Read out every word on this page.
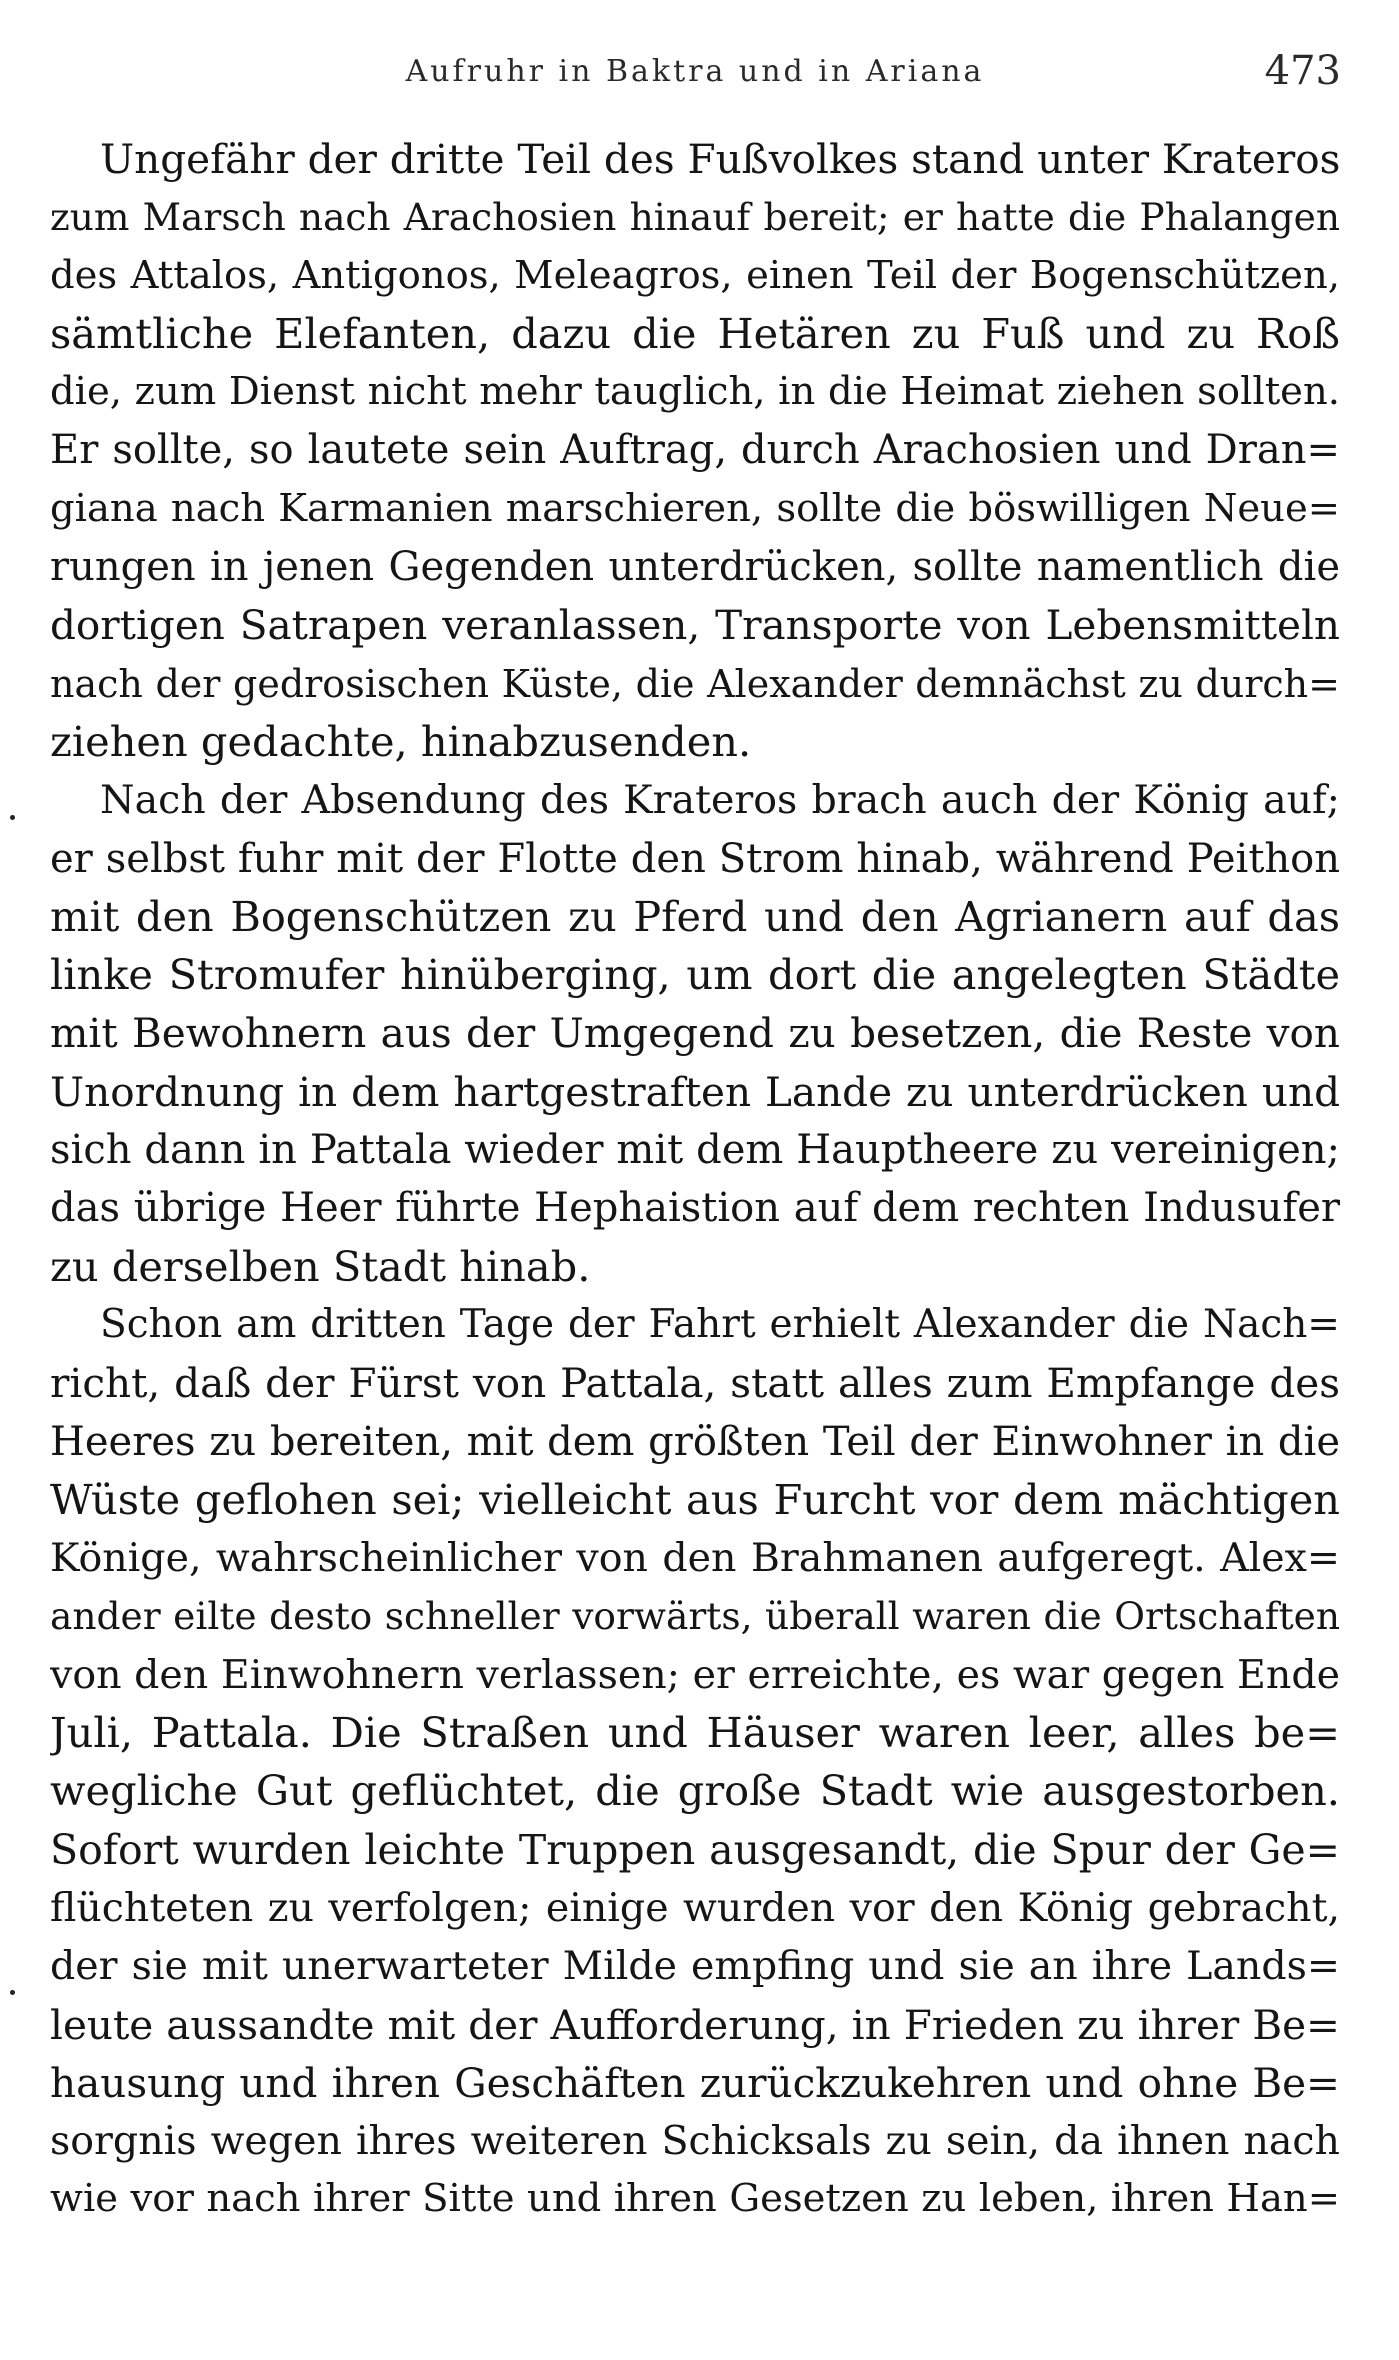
Aufruhr in Baktra und in Ariana	473
Ungefähr der dritte Teil des Fußvolkes stand unter Krateros
zum Marsch nach Arachosien hinauf bereit; er hatte die Phalangen
des Attalos, Antigonos, Meleagros, einen Teil der Bogenschützen,
sämtliche Elefanten, dazu die Hetären zu Fuß und zu Roß
die, zum Dienst nicht mehr tauglich, in die Heimat ziehen sollten.
Er sollte, so lautete sein Auftrag, durch Arachosien und Dran=
giana nach Karmanien marschieren, sollte die böswilligen Neue=
rungen in jenen Gegenden unterdrücken, sollte namentlich die
dortigen Satrapen veranlassen, Transporte von Lebensmitteln
nach der gedrosischen Küste, die Alexander demnächst zu durch=
ziehen gedachte, hinabzusenden.
Nach der Absendung des Krateros brach auch der König auf;
er selbst fuhr mit der Flotte den Strom hinab, während Peithon
mit den Bogenschützen zu Pferd und den Agrianern auf das
linke Stromufer hinüberging, um dort die angelegten Städte
mit Bewohnern aus der Umgegend zu besetzen, die Reste von
Unordnung in dem hartgestraften Lande zu unterdrücken und
sich dann in Pattala wieder mit dem Hauptheere zu vereinigen;
das übrige Heer führte Hephaistion auf dem rechten Indusufer
zu derselben Stadt hinab.
Schon am dritten Tage der Fahrt erhielt Alexander die Nach=
richt, daß der Fürst von Pattala, statt alles zum Empfange des
Heeres zu bereiten, mit dem größten Teil der Einwohner in die
Wüste geflohen sei; vielleicht aus Furcht vor dem mächtigen
Könige, wahrscheinlicher von den Brahmanen aufgeregt. Alex=
ander eilte desto schneller vorwärts, überall waren die Ortschaften
von den Einwohnern verlassen; er erreichte, es war gegen Ende
Juli, Pattala. Die Straßen und Häuser waren leer, alles be=
wegliche Gut geflüchtet, die große Stadt wie ausgestorben.
Sofort wurden leichte Truppen ausgesandt, die Spur der Ge=
flüchteten zu verfolgen; einige wurden vor den König gebracht,
der sie mit unerwarteter Milde empfing und sie an ihre Lands=
leute aussandte mit der Aufforderung, in Frieden zu ihrer Be=
hausung und ihren Geschäften zurückzukehren und ohne Be=
sorgnis wegen ihres weiteren Schicksals zu sein, da ihnen nach
wie vor nach ihrer Sitte und ihren Gesetzen zu leben, ihren Han=
